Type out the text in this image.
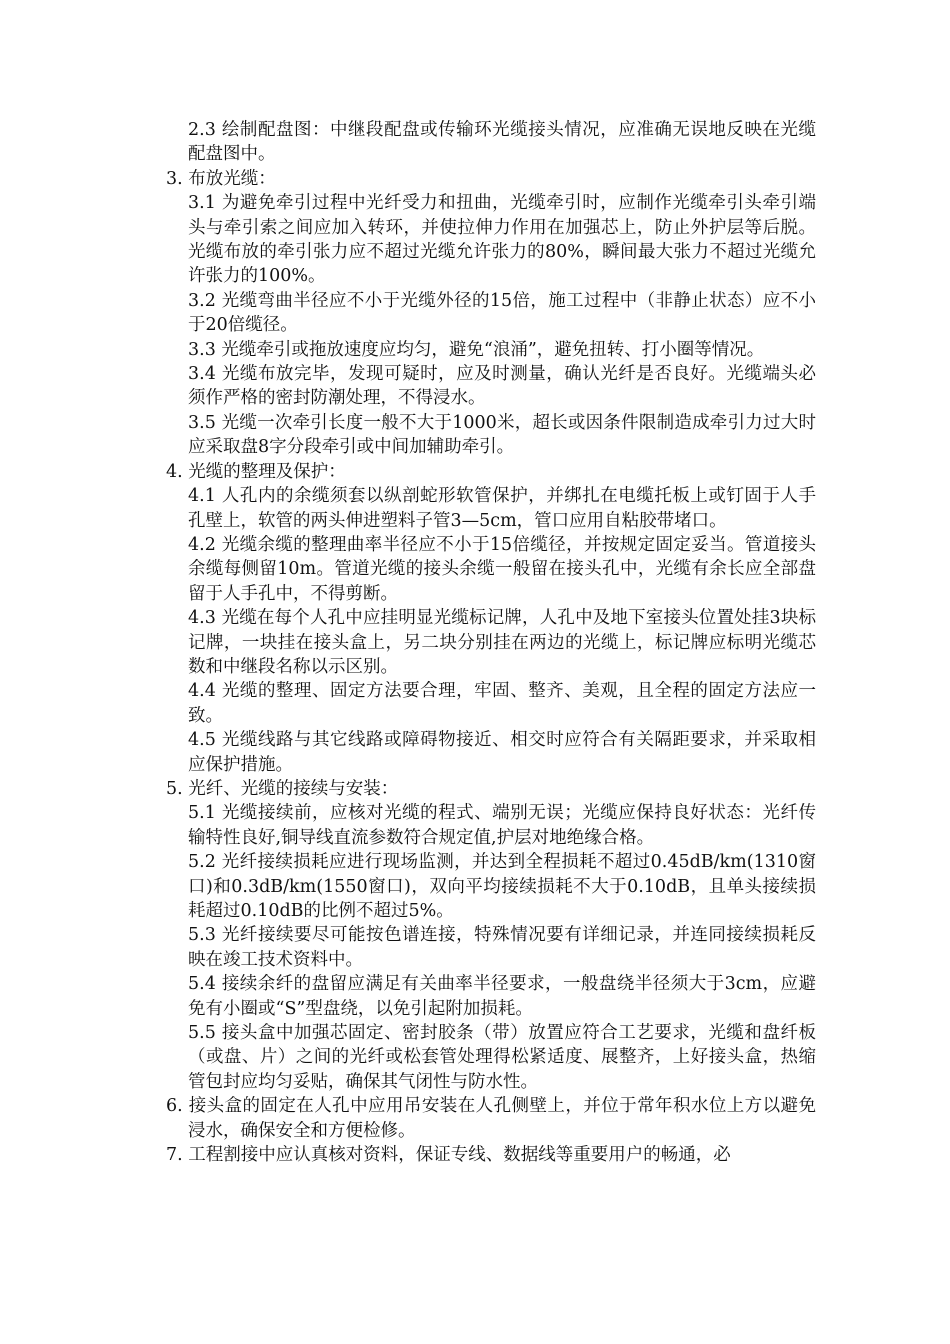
2.3 绘制配盘图：中继段配盘或传输环光缆接头情况，应准确无误地反映在光缆配盘图中。

3. 布放光缆：

3.1 为避免牵引过程中光纤受力和扭曲，光缆牵引时，应制作光缆牵引头牵引端头与牵引索之间应加入转环，并使拉伸力作用在加强芯上，防止外护层等后脱。光缆布放的牵引张力应不超过光缆允许张力的80%，瞬间最大张力不超过光缆允许张力的100%。

3.2 光缆弯曲半径应不小于光缆外径的15倍，施工过程中（非静止状态）应不小于20倍缆径。

3.3 光缆牵引或拖放速度应均匀，避免“浪涌”，避免扭转、打小圈等情况。

3.4 光缆布放完毕，发现可疑时，应及时测量，确认光纤是否良好。光缆端头必须作严格的密封防潮处理，不得浸水。

3.5 光缆一次牵引长度一般不大于1000米，超长或因条件限制造成牵引力过大时应采取盘8字分段牵引或中间加辅助牵引。

4. 光缆的整理及保护：

4.1 人孔内的余缆须套以纵剖蛇形软管保护，并绑扎在电缆托板上或钉固于人手孔壁上，软管的两头伸进塑料子管3—5cm，管口应用自粘胶带堵口。

4.2 光缆余缆的整理曲率半径应不小于15倍缆径，并按规定固定妥当。管道接头余缆每侧留10m。管道光缆的接头余缆一般留在接头孔中，光缆有余长应全部盘留于人手孔中，不得剪断。

4.3 光缆在每个人孔中应挂明显光缆标记牌，人孔中及地下室接头位置处挂3块标记牌，一块挂在接头盒上，另二块分别挂在两边的光缆上，标记牌应标明光缆芯数和中继段名称以示区别。

4.4 光缆的整理、固定方法要合理，牢固、整齐、美观，且全程的固定方法应一致。

4.5 光缆线路与其它线路或障碍物接近、相交时应符合有关隔距要求，并采取相应保护措施。

5. 光纤、光缆的接续与安装：

5.1 光缆接续前，应核对光缆的程式、端别无误；光缆应保持良好状态：光纤传输特性良好,铜导线直流参数符合规定值,护层对地绝缘合格。

5.2 光纤接续损耗应进行现场监测，并达到全程损耗不超过0.45dB/km(1310窗口)和0.3dB/km(1550窗口)，双向平均接续损耗不大于0.10dB，且单头接续损耗超过0.10dB的比例不超过5%。

5.3 光纤接续要尽可能按色谱连接，特殊情况要有详细记录，并连同接续损耗反映在竣工技术资料中。

5.4 接续余纤的盘留应满足有关曲率半径要求，一般盘绕半径须大于3cm，应避免有小圈或“S”型盘绕，以免引起附加损耗。

5.5 接头盒中加强芯固定、密封胶条（带）放置应符合工艺要求，光缆和盘纤板（或盘、片）之间的光纤或松套管处理得松紧适度、展整齐，上好接头盒，热缩管包封应均匀妥贴，确保其气闭性与防水性。

6. 接头盒的固定在人孔中应用吊安装在人孔侧壁上，并位于常年积水位上方以避免浸水，确保安全和方便检修。

7. 工程割接中应认真核对资料，保证专线、数据线等重要用户的畅通，必
